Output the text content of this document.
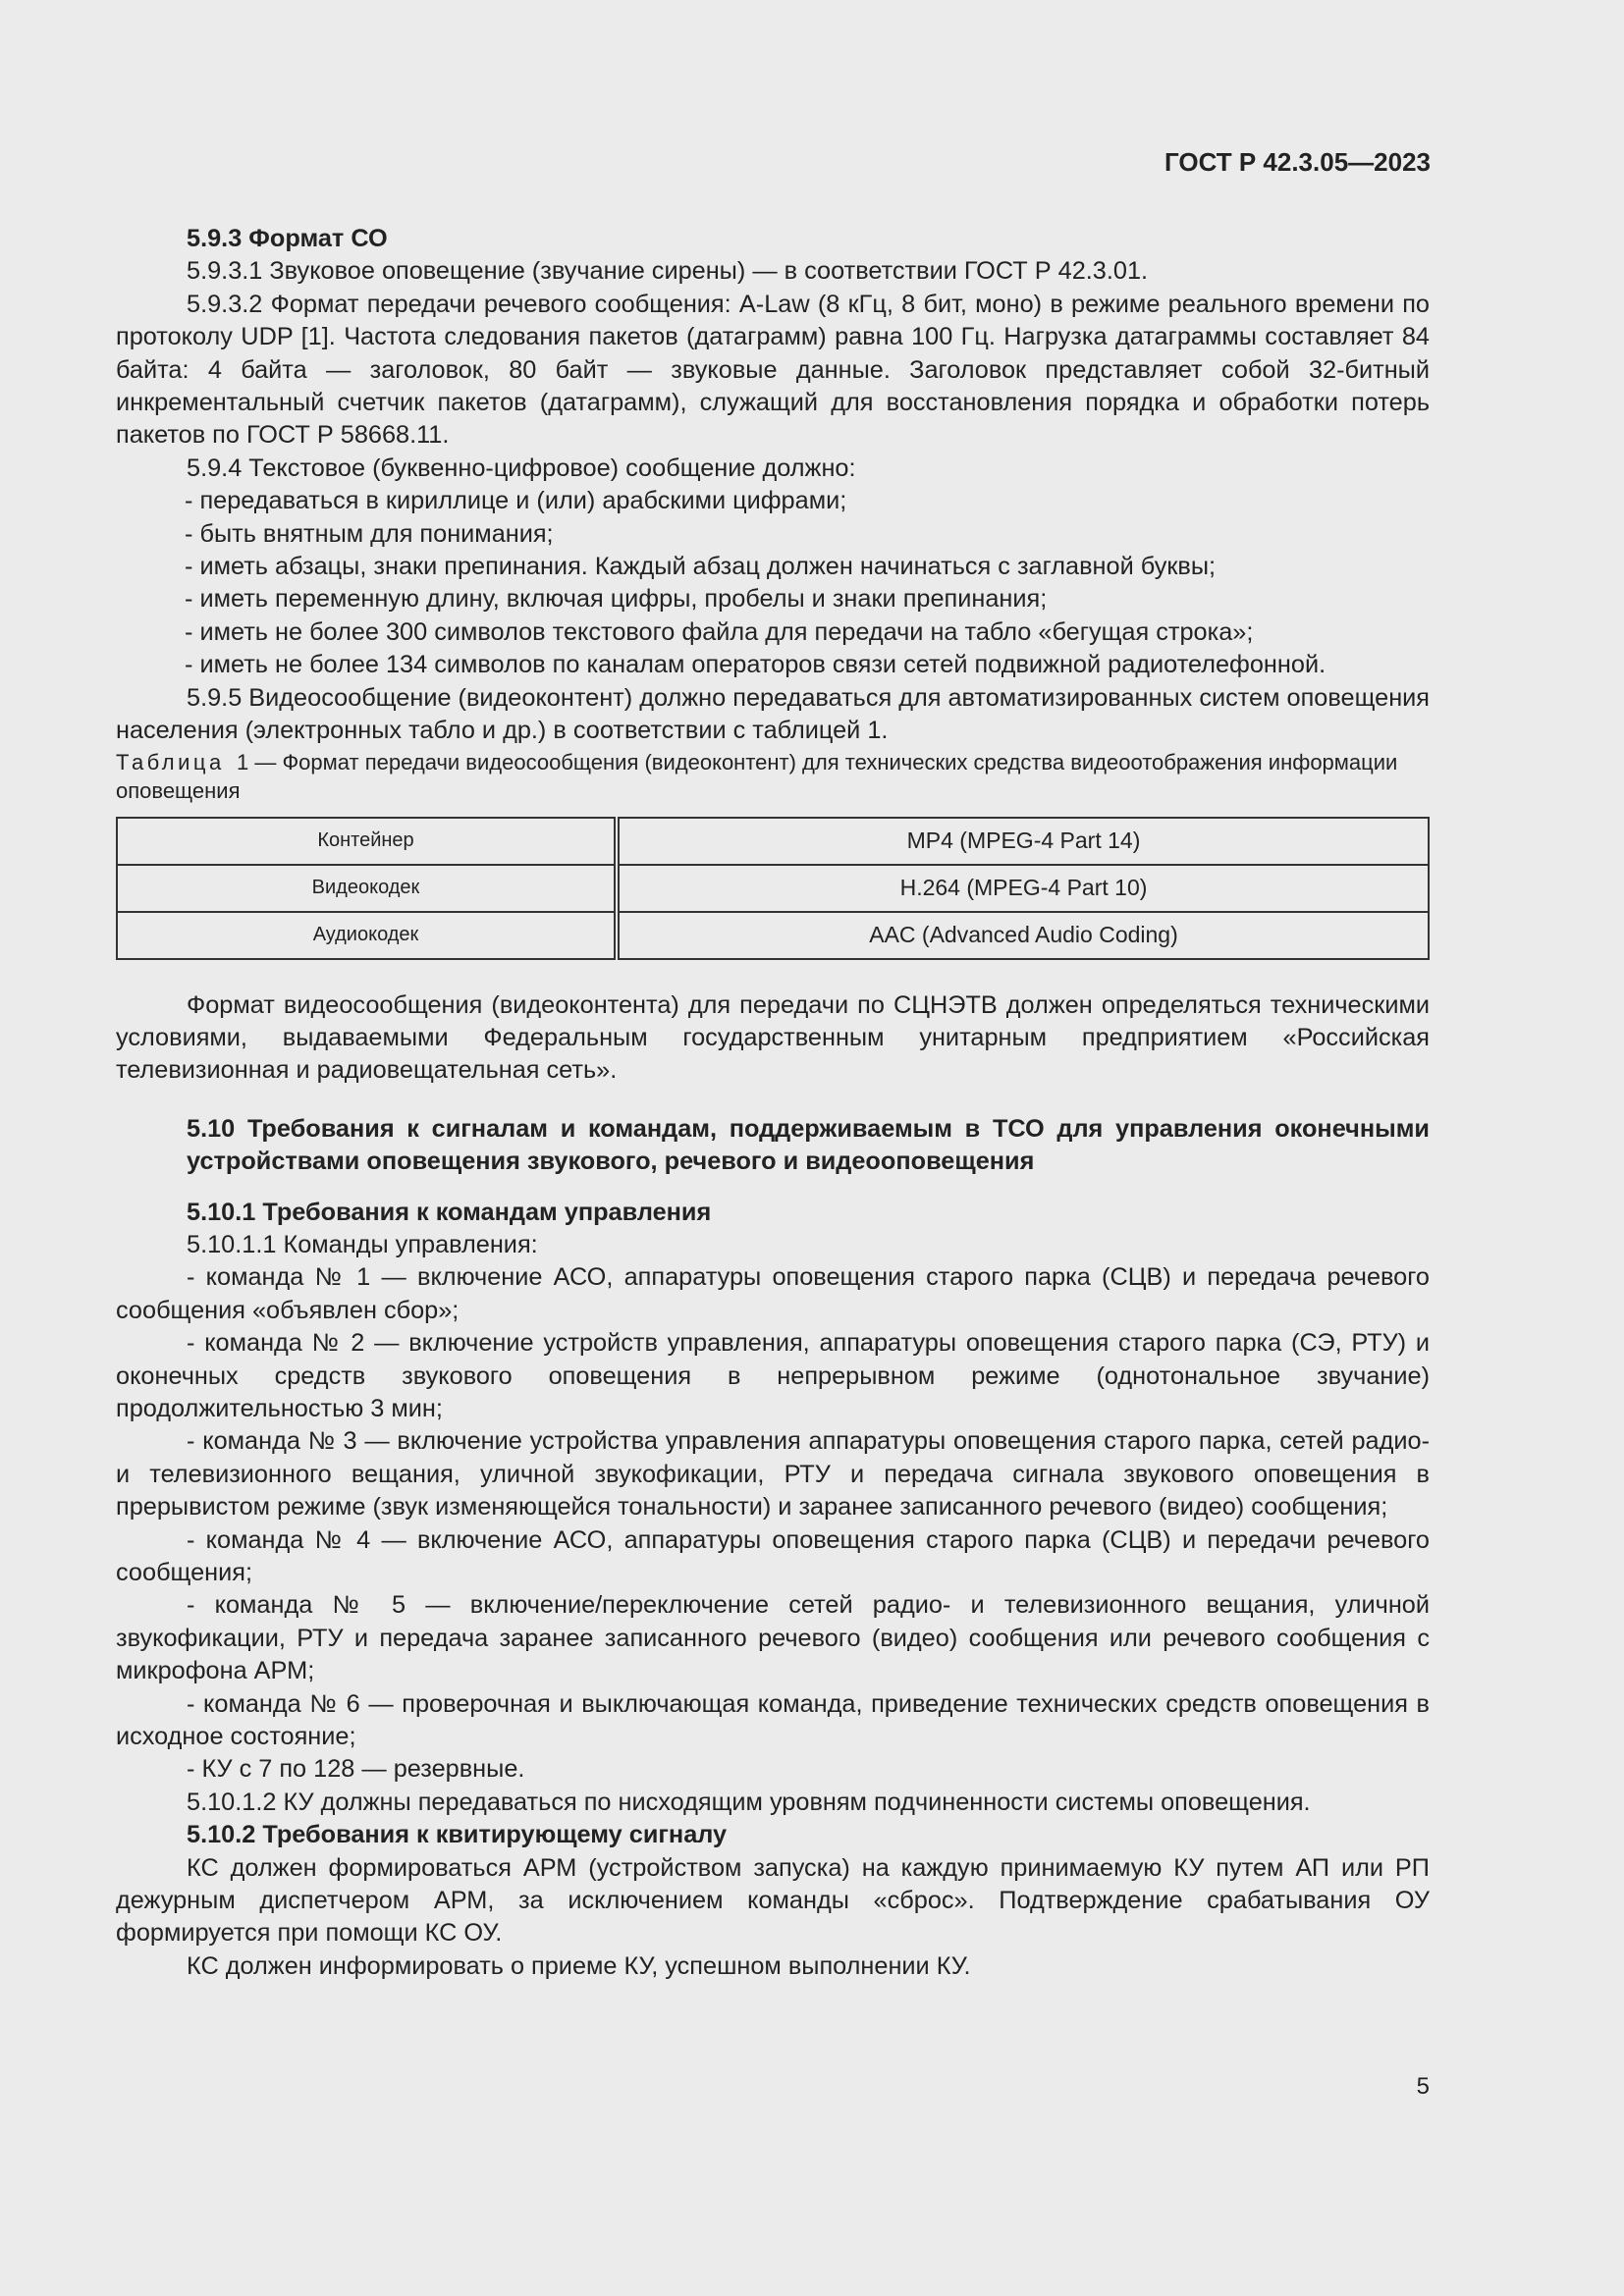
ГОСТ Р 42.3.05—2023

5.9.3 Формат СО

5.9.3.1 Звуковое оповещение (звучание сирены) — в соответствии ГОСТ Р 42.3.01.

5.9.3.2 Формат передачи речевого сообщения: A-Law (8 кГц, 8 бит, моно) в режиме реального времени по протоколу UDP [1]. Частота следования пакетов (датаграмм) равна 100 Гц. Нагрузка датаграммы составляет 84 байта: 4 байта — заголовок, 80 байт — звуковые данные. Заголовок представляет собой 32-битный инкрементальный счетчик пакетов (датаграмм), служащий для восстановления порядка и обработки потерь пакетов по ГОСТ Р 58668.11.

5.9.4 Текстовое (буквенно-цифровое) сообщение должно:

- передаваться в кириллице и (или) арабскими цифрами;

- быть внятным для понимания;

- иметь абзацы, знаки препинания. Каждый абзац должен начинаться с заглавной буквы;

- иметь переменную длину, включая цифры, пробелы и знаки препинания;

- иметь не более 300 символов текстового файла для передачи на табло «бегущая строка»;

- иметь не более 134 символов по каналам операторов связи сетей подвижной радиотелефонной.

5.9.5 Видеосообщение (видеоконтент) должно передаваться для автоматизированных систем оповещения населения (электронных табло и др.) в соответствии с таблицей 1.

Таблица 1 — Формат передачи видеосообщения (видеоконтент) для технических средства видеоотображения информации оповещения

Контейнер	MP4 (MPEG-4 Part 14)
Видеокодек	H.264 (MPEG-4 Part 10)
Аудиокодек	AAC (Advanced Audio Coding)

Формат видеосообщения (видеоконтента) для передачи по СЦНЭТВ должен определяться техническими условиями, выдаваемыми Федеральным государственным унитарным предприятием «Российская телевизионная и радиовещательная сеть».

5.10 Требования к сигналам и командам, поддерживаемым в ТСО для управления оконечными устройствами оповещения звукового, речевого и видеооповещения

5.10.1 Требования к командам управления

5.10.1.1 Команды управления:

- команда № 1 — включение АСО, аппаратуры оповещения старого парка (СЦВ) и передача речевого сообщения «объявлен сбор»;

- команда № 2 — включение устройств управления, аппаратуры оповещения старого парка (СЭ, РТУ) и оконечных средств звукового оповещения в непрерывном режиме (однотональное звучание) продолжительностью 3 мин;

- команда № 3 — включение устройства управления аппаратуры оповещения старого парка, сетей радио- и телевизионного вещания, уличной звукофикации, РТУ и передача сигнала звукового оповещения в прерывистом режиме (звук изменяющейся тональности) и заранее записанного речевого (видео) сообщения;

- команда № 4 — включение АСО, аппаратуры оповещения старого парка (СЦВ) и передачи речевого сообщения;

- команда № 5 — включение/переключение сетей радио- и телевизионного вещания, уличной звукофикации, РТУ и передача заранее записанного речевого (видео) сообщения или речевого сообщения с микрофона АРМ;

- команда № 6 — проверочная и выключающая команда, приведение технических средств оповещения в исходное состояние;

- КУ с 7 по 128 — резервные.

5.10.1.2 КУ должны передаваться по нисходящим уровням подчиненности системы оповещения.

5.10.2 Требования к квитирующему сигналу

КС должен формироваться АРМ (устройством запуска) на каждую принимаемую КУ путем АП или РП дежурным диспетчером АРМ, за исключением команды «сброс». Подтверждение срабатывания ОУ формируется при помощи КС ОУ.

КС должен информировать о приеме КУ, успешном выполнении КУ.

5
